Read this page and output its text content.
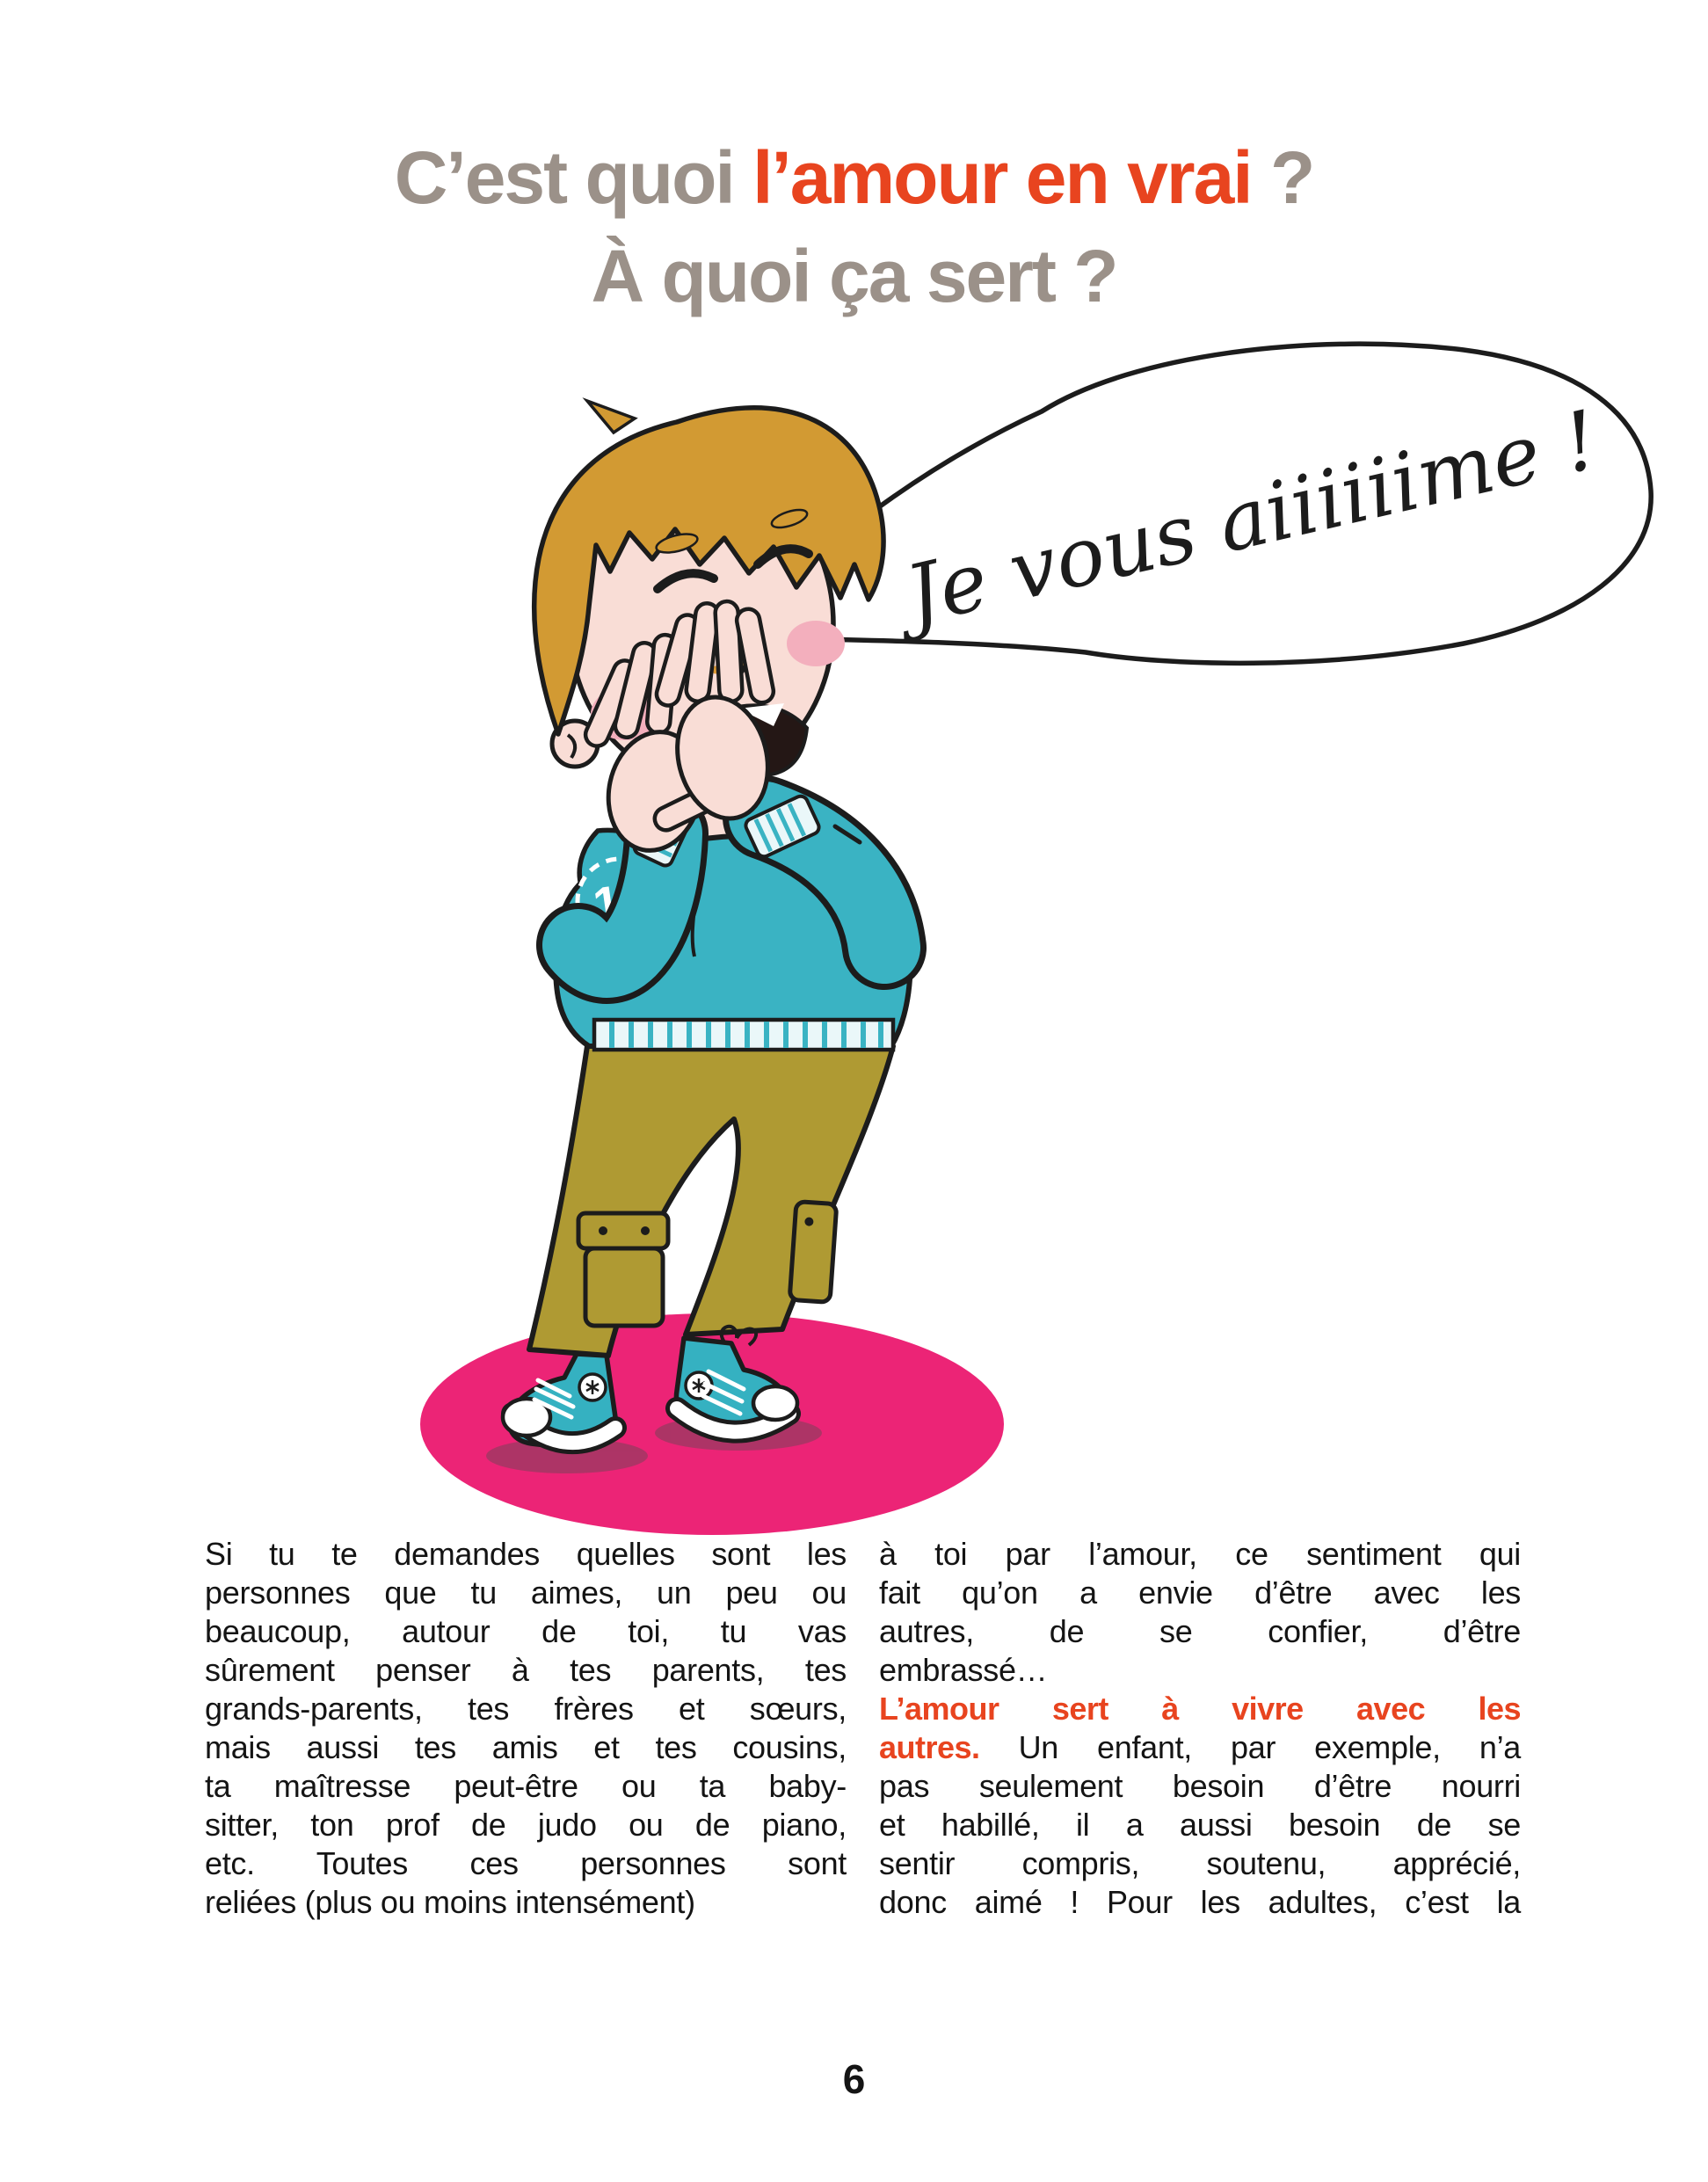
C’est quoi l’amour en vrai ?
À quoi ça sert ?
Je vous aiiiiiime !
10
Si tu te demandes quelles sont les
personnes que tu aimes, un peu ou
beaucoup, autour de toi, tu vas
sûrement penser à tes parents, tes
grands-parents, tes frères et sœurs,
mais aussi tes amis et tes cousins,
ta maîtresse peut-être ou ta baby-
sitter, ton prof de judo ou de piano,
etc. Toutes ces personnes sont
reliées (plus ou moins intensément)
à toi par l’amour, ce sentiment qui
fait qu’on a envie d’être avec les
autres, de se confier, d’être
embrassé…
L’amour sert à vivre avec les
autres. Un enfant, par exemple, n’a
pas seulement besoin d’être nourri
et habillé, il a aussi besoin de se
sentir compris, soutenu, apprécié,
donc aimé ! Pour les adultes, c’est la
6
